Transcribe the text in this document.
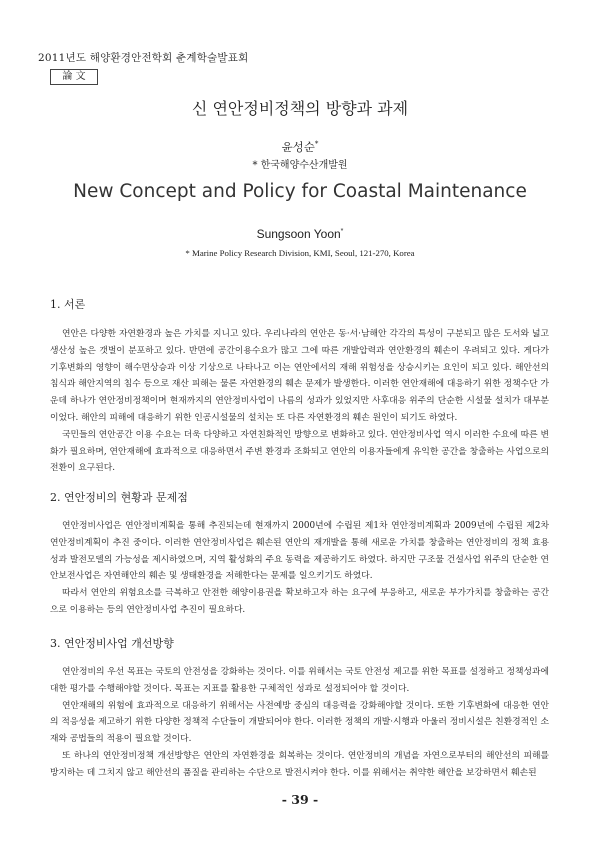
2011년도 해양환경안전학회 춘계학술발표회
論 文
신 연안정비정책의 방향과 과제
윤성순*
* 한국해양수산개발원
New Concept and Policy for Coastal Maintenance
Sungsoon Yoon*
* Marine Policy Research Division, KMI, Seoul, 121-270, Korea
1. 서론

연안은 다양한 자연환경과 높은 가치를 지니고 있다. 우리나라의 연안은 동·서·남해안 각각의 특성이 구분되고 많은 도서와 넓고 생산성 높은 갯벌이 분포하고 있다. 반면에 공간이용수요가 많고 그에 따른 개발압력과 연안환경의 훼손이 우려되고 있다. 게다가 기후변화의 영향이 해수면상승과 이상 기상으로 나타나고 이는 연안에서의 재해 위험성을 상승시키는 요인이 되고 있다. 해안선의 침식과 해안지역의 침수 등으로 재산 피해는 물론 자연환경의 훼손 문제가 발생한다. 이러한 연안재해에 대응하기 위한 정책수단 가운데 하나가 연안정비정책이며 현재까지의 연안정비사업이 나름의 성과가 있었지만 사후대응 위주의 단순한 시설물 설치가 대부분이었다. 해안의 피해에 대응하기 위한 인공시설물의 설치는 또 다른 자연환경의 훼손 원인이 되기도 하였다.

국민들의 연안공간 이용 수요는 더욱 다양하고 자연친화적인 방향으로 변화하고 있다. 연안정비사업 역시 이러한 수요에 따른 변화가 필요하며, 연안재해에 효과적으로 대응하면서 주변 환경과 조화되고 연안의 이용자들에게 유익한 공간을 창출하는 사업으로의 전환이 요구된다.

2. 연안정비의 현황과 문제점

연안정비사업은 연안정비계획을 통해 추진되는데 현재까지 2000년에 수립된 제1차 연안정비계획과 2009년에 수립된 제2차 연안정비계획이 추진 중이다. 이러한 연안정비사업은 훼손된 연안의 재개발을 통해 새로운 가치를 창출하는 연안정비의 정책 효용성과 발전모델의 가능성을 제시하였으며, 지역 활성화의 주요 동력을 제공하기도 하였다. 하지만 구조물 건설사업 위주의 단순한 연안보전사업은 자연해안의 훼손 및 생태환경을 저해한다는 문제를 일으키기도 하였다.

따라서 연안의 위험요소를 극복하고 안전한 해양이용권을 확보하고자 하는 요구에 부응하고, 새로운 부가가치를 창출하는 공간으로 이용하는 등의 연안정비사업 추진이 필요하다.

3. 연안정비사업 개선방향

연안정비의 우선 목표는 국토의 안전성을 강화하는 것이다. 이를 위해서는 국토 안전성 제고를 위한 목표를 설정하고 정책성과에 대한 평가를 수행해야할 것이다. 목표는 지표를 활용한 구체적인 성과로 설정되어야 할 것이다.

연안재해의 위험에 효과적으로 대응하기 위해서는 사전예방 중심의 대응력을 강화해야할 것이다. 또한 기후변화에 대응한 연안의 적응성을 제고하기 위한 다양한 정책적 수단들이 개발되어야 한다. 이러한 정책의 개발·시행과 아울러 정비시설은 친환경적인 소재와 공법들의 적용이 필요할 것이다.

또 하나의 연안정비정책 개선방향은 연안의 자연환경을 회복하는 것이다. 연안정비의 개념을 자연으로부터의 해안선의 피해를 방지하는 데 그치지 않고 해안선의 품질을 관리하는 수단으로 발전시켜야 한다. 이를 위해서는 취약한 해안을 보강하면서 훼손된

- 39 -
